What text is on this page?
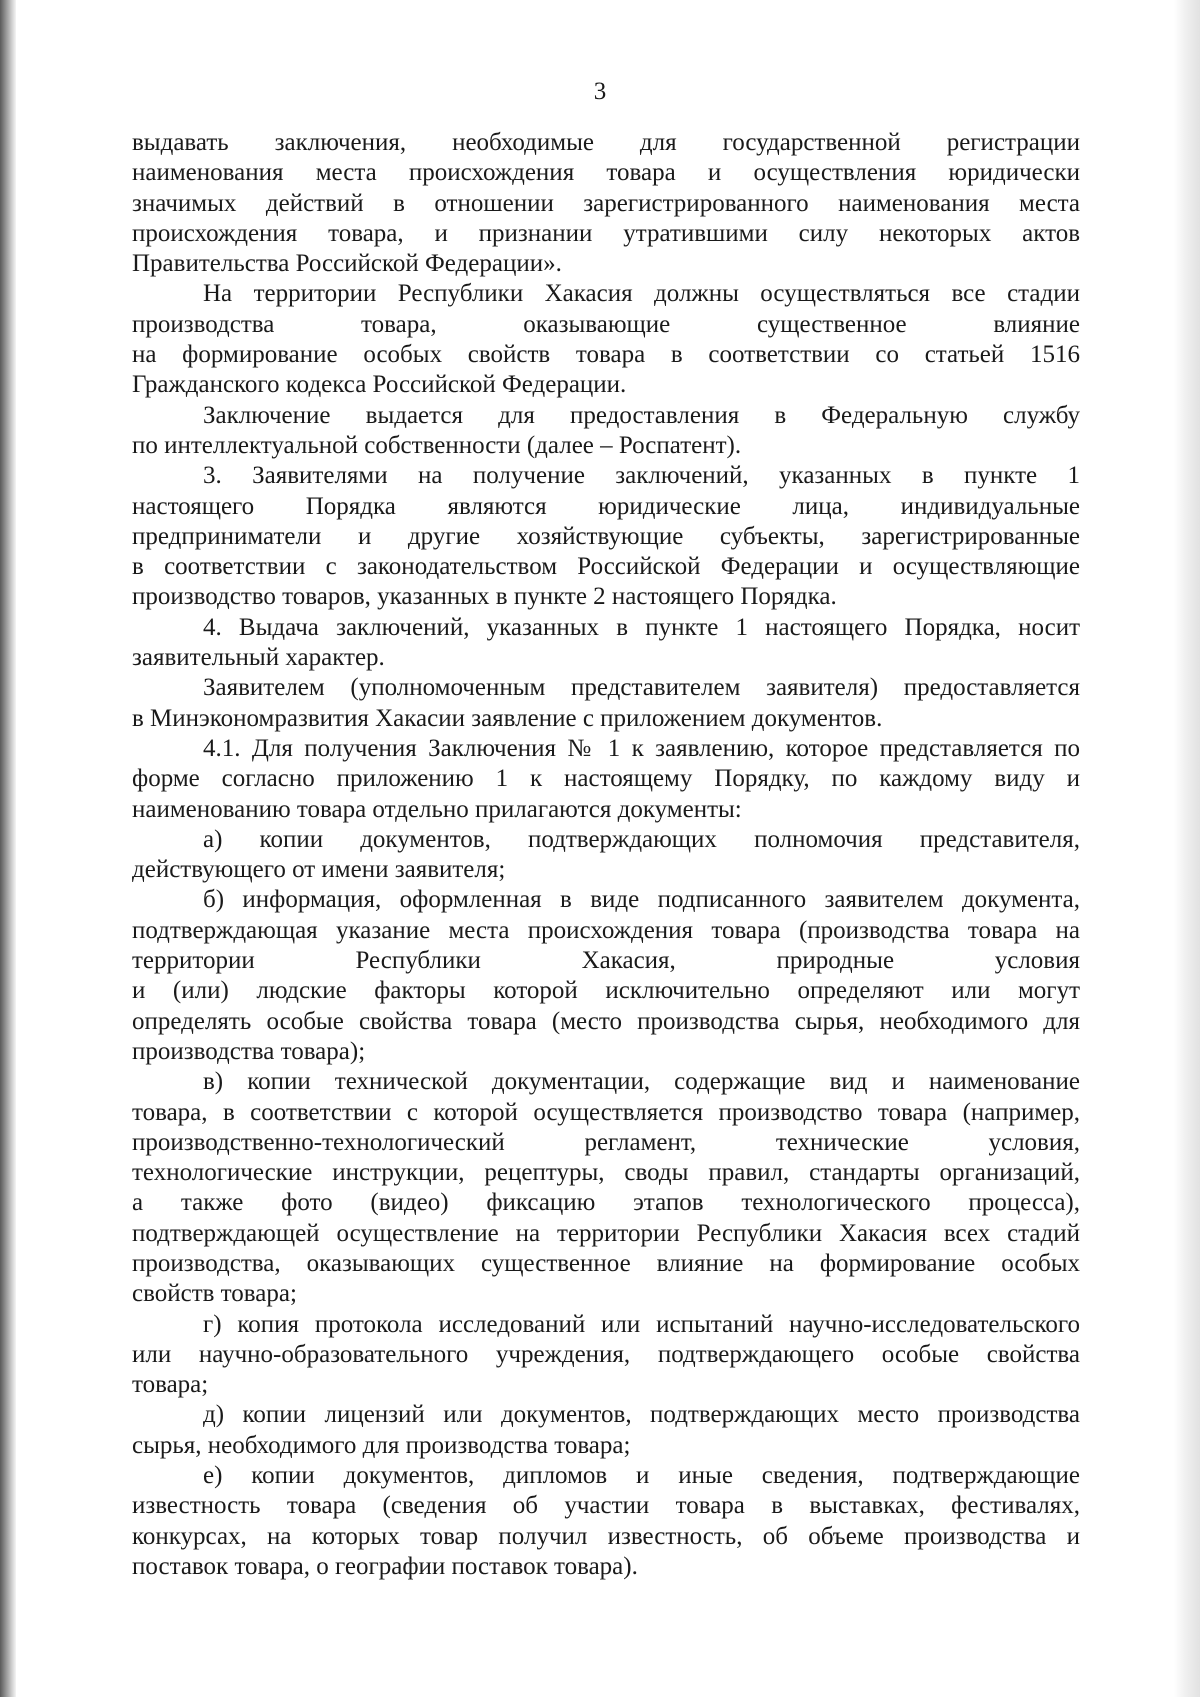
3
выдавать заключения, необходимые для государственной регистрации
наименования места происхождения товара и осуществления юридически
значимых действий в отношении зарегистрированного наименования места
происхождения товара, и признании утратившими силу некоторых актов
Правительства Российской Федерации».
На территории Республики Хакасия должны осуществляться все стадии
производства товара, оказывающие существенное влияние
на формирование особых свойств товара в соответствии со статьей 1516
Гражданского кодекса Российской Федерации.
Заключение выдается для предоставления в Федеральную службу
по интеллектуальной собственности (далее – Роспатент).
3. Заявителями на получение заключений, указанных в пункте 1
настоящего Порядка являются юридические лица, индивидуальные
предприниматели и другие хозяйствующие субъекты, зарегистрированные
в соответствии с законодательством Российской Федерации и осуществляющие
производство товаров, указанных в пункте 2 настоящего Порядка.
4. Выдача заключений, указанных в пункте 1 настоящего Порядка, носит
заявительный характер.
Заявителем (уполномоченным представителем заявителя) предоставляется
в Минэкономразвития Хакасии заявление с приложением документов.
4.1. Для получения Заключения № 1 к заявлению, которое представляется по
форме согласно приложению 1 к настоящему Порядку, по каждому виду и
наименованию товара отдельно прилагаются документы:
а) копии документов, подтверждающих полномочия представителя,
действующего от имени заявителя;
б) информация, оформленная в виде подписанного заявителем документа,
подтверждающая указание места происхождения товара (производства товара на
территории Республики Хакасия, природные условия
и (или) людские факторы которой исключительно определяют или могут
определять особые свойства товара (место производства сырья, необходимого для
производства товара);
в) копии технической документации, содержащие вид и наименование
товара, в соответствии с которой осуществляется производство товара (например,
производственно-технологический регламент, технические условия,
технологические инструкции, рецептуры, своды правил, стандарты организаций,
а также фото (видео) фиксацию этапов технологического процесса),
подтверждающей осуществление на территории Республики Хакасия всех стадий
производства, оказывающих существенное влияние на формирование особых
свойств товара;
г) копия протокола исследований или испытаний научно-исследовательского
или научно-образовательного учреждения, подтверждающего особые свойства
товара;
д) копии лицензий или документов, подтверждающих место производства
сырья, необходимого для производства товара;
е) копии документов, дипломов и иные сведения, подтверждающие
известность товара (сведения об участии товара в выставках, фестивалях,
конкурсах, на которых товар получил известность, об объеме производства и
поставок товара, о географии поставок товара).
